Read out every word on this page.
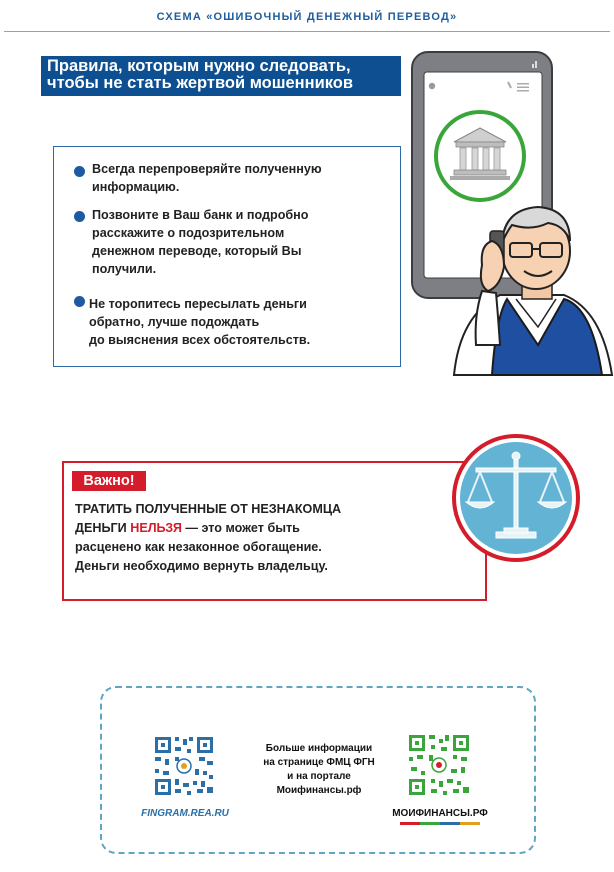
СХЕМА «ОШИБОЧНЫЙ ДЕНЕЖНЫЙ ПЕРЕВОД»
Правила, которым нужно следовать,
чтобы не стать жертвой мошенников
Всегда перепроверяйте полученную
информацию.
Позвоните в Ваш банк и подробно
расскажите о подозрительном
денежном переводе, который Вы
получили.
Не торопитесь пересылать деньги
обратно, лучше подождать
до выяснения всех обстоятельств.
Важно!
ТРАТИТЬ ПОЛУЧЕННЫЕ ОТ НЕЗНАКОМЦА
ДЕНЬГИ НЕЛЬЗЯ — это может быть
расценено как незаконное обогащение.
Деньги необходимо вернуть владельцу.
FINGRAM.REA.RU
Больше информации
на странице ФМЦ ФГН
и на портале
Моифинансы.рф
МОИФИНАНСЫ.РФ
